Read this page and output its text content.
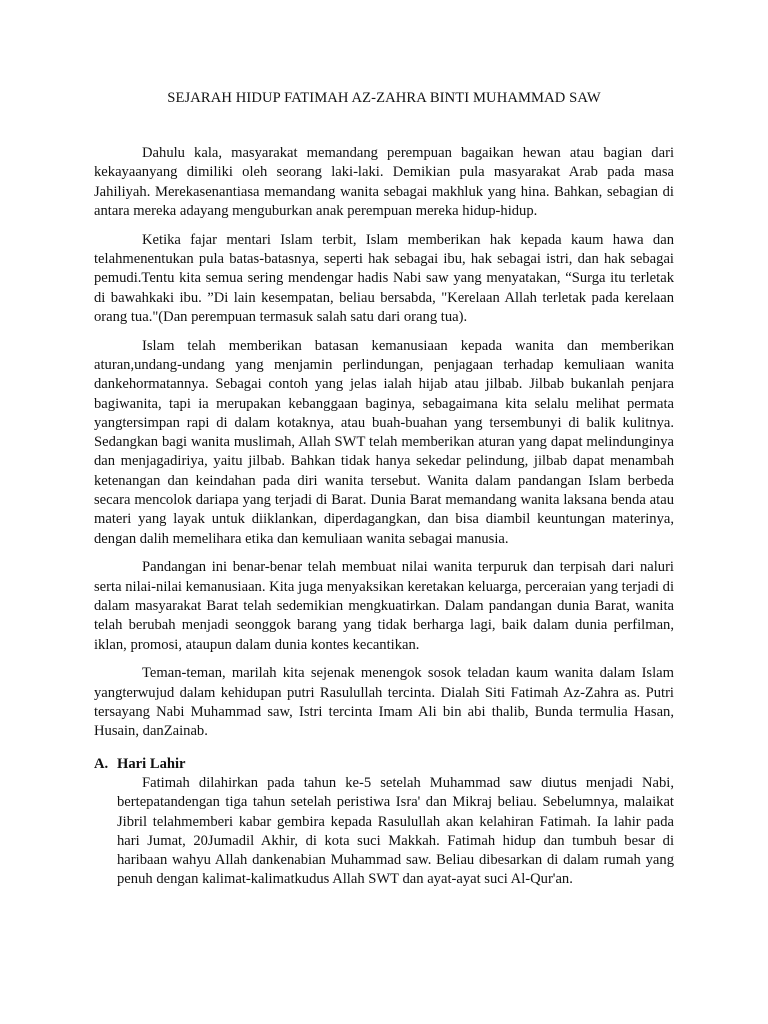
SEJARAH HIDUP FATIMAH AZ-ZAHRA BINTI MUHAMMAD SAW

Dahulu kala, masyarakat memandang perempuan bagaikan hewan atau bagian dari kekayaanyang dimiliki oleh seorang laki-laki. Demikian pula masyarakat Arab pada masa Jahiliyah. Merekasenantiasa memandang wanita sebagai makhluk yang hina. Bahkan, sebagian di antara mereka adayang menguburkan anak perempuan mereka hidup-hidup.

Ketika fajar mentari Islam terbit, Islam memberikan hak kepada kaum hawa dan telahmenentukan pula batas-batasnya, seperti hak sebagai ibu, hak sebagai istri, dan hak sebagai pemudi.Tentu kita semua sering mendengar hadis Nabi saw yang menyatakan, “Surga itu terletak di bawahkaki ibu. ”Di lain kesempatan, beliau bersabda, "Kerelaan Allah terletak pada kerelaan orang tua."(Dan perempuan termasuk salah satu dari orang tua).

Islam telah memberikan batasan kemanusiaan kepada wanita dan memberikan aturan,undang-undang yang menjamin perlindungan, penjagaan terhadap kemuliaan wanita dankehormatannya. Sebagai contoh yang jelas ialah hijab atau jilbab. Jilbab bukanlah penjara bagiwanita, tapi ia merupakan kebanggaan baginya, sebagaimana kita selalu melihat permata yangtersimpan rapi di dalam kotaknya, atau buah-buahan yang tersembunyi di balik kulitnya. Sedangkan bagi wanita muslimah, Allah SWT telah memberikan aturan yang dapat melindunginya dan menjagadiriya, yaitu jilbab. Bahkan tidak hanya sekedar pelindung, jilbab dapat menambah ketenangan dan keindahan pada diri wanita tersebut. Wanita dalam pandangan Islam berbeda secara mencolok dariapa yang terjadi di Barat. Dunia Barat memandang wanita laksana benda atau materi yang layak untuk diiklankan, diperdagangkan, dan bisa diambil keuntungan materinya, dengan dalih memelihara etika dan kemuliaan wanita sebagai manusia.

Pandangan ini benar-benar telah membuat nilai wanita terpuruk dan terpisah dari naluri serta nilai-nilai kemanusiaan. Kita juga menyaksikan keretakan keluarga, perceraian yang terjadi di dalam masyarakat Barat telah sedemikian mengkuatirkan. Dalam pandangan dunia Barat, wanita telah berubah menjadi seonggok barang yang tidak berharga lagi, baik dalam dunia perfilman, iklan, promosi, ataupun dalam dunia kontes kecantikan.

Teman-teman, marilah kita sejenak menengok sosok teladan kaum wanita dalam Islam yangterwujud dalam kehidupan putri Rasulullah tercinta. Dialah Siti Fatimah Az-Zahra as. Putri tersayang Nabi Muhammad saw, Istri tercinta Imam Ali bin abi thalib, Bunda termulia Hasan, Husain, danZainab.

A. Hari Lahir
Fatimah dilahirkan pada tahun ke-5 setelah Muhammad saw diutus menjadi Nabi, bertepatandengan tiga tahun setelah peristiwa Isra' dan Mikraj beliau. Sebelumnya, malaikat Jibril telahmemberi kabar gembira kepada Rasulullah akan kelahiran Fatimah. Ia lahir pada hari Jumat, 20Jumadil Akhir, di kota suci Makkah. Fatimah hidup dan tumbuh besar di haribaan wahyu Allah dankenabian Muhammad saw. Beliau dibesarkan di dalam rumah yang penuh dengan kalimat-kalimatkudus Allah SWT dan ayat-ayat suci Al-Qur'an.
